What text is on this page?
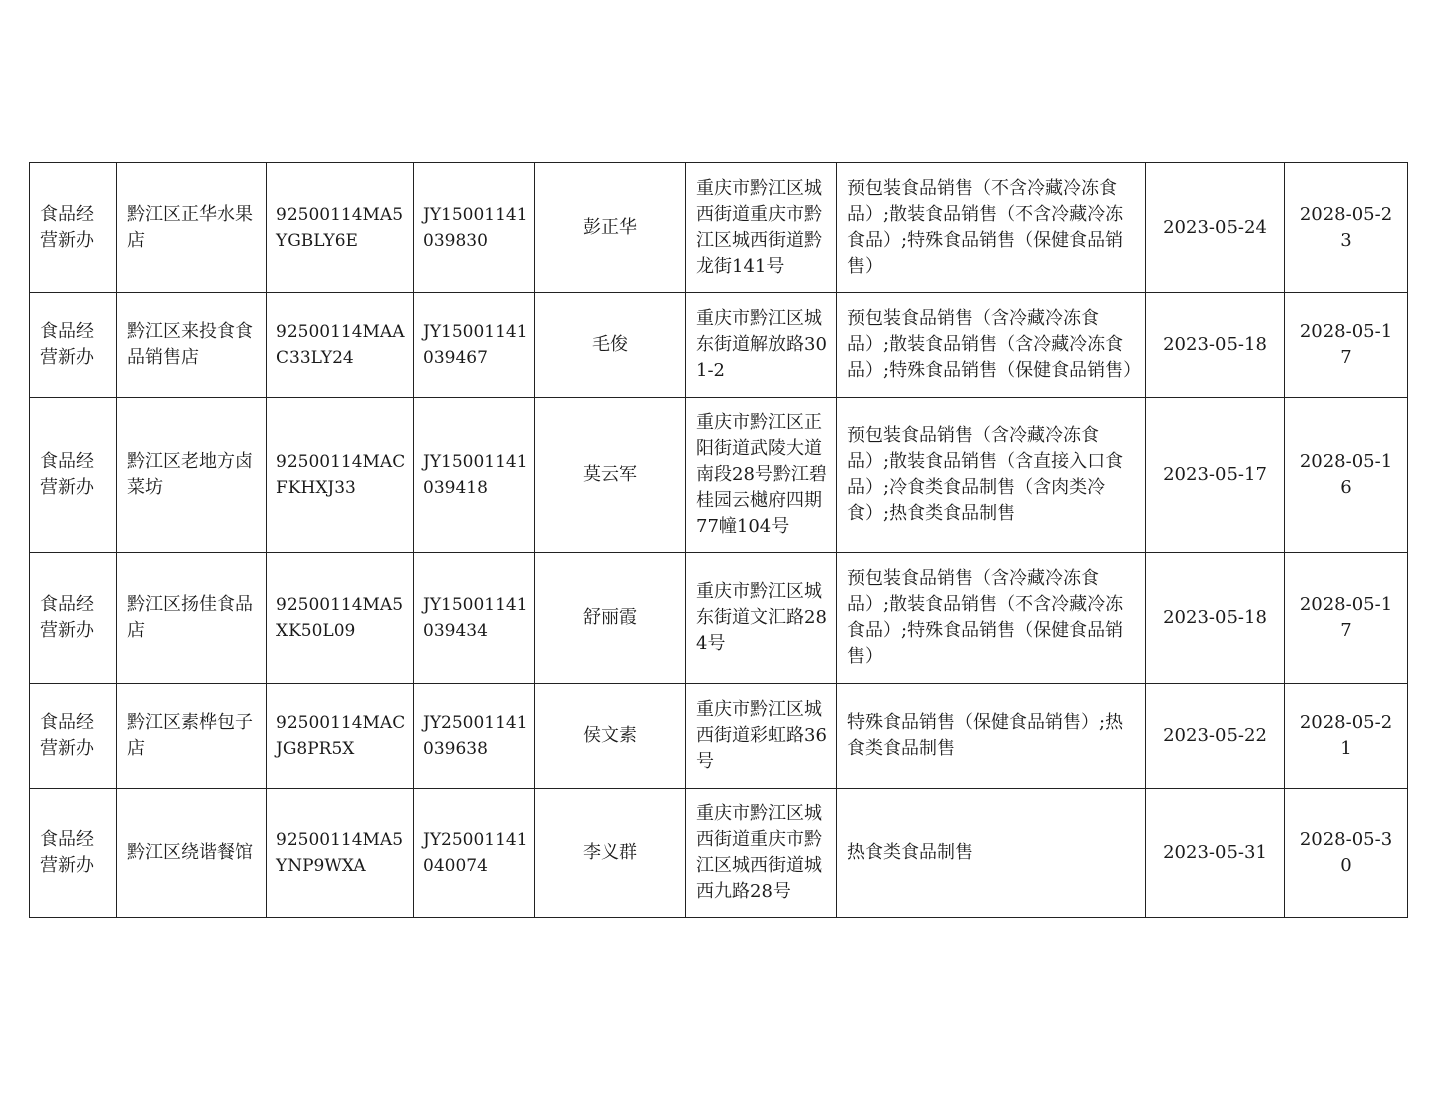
食品经营新办	黔江区正华水果店	92500114MA5YGBLY6E	JY15001141039830	彭正华	重庆市黔江区城西街道重庆市黔江区城西街道黔龙街141号	预包装食品销售（不含冷藏冷冻食品）;散装食品销售（不含冷藏冷冻食品）;特殊食品销售（保健食品销售）	2023-05-24	2028-05-23
食品经营新办	黔江区来投食食品销售店	92500114MAAC33LY24	JY15001141039467	毛俊	重庆市黔江区城东街道解放路301-2	预包装食品销售（含冷藏冷冻食品）;散装食品销售（含冷藏冷冻食品）;特殊食品销售（保健食品销售）	2023-05-18	2028-05-17
食品经营新办	黔江区老地方卤菜坊	92500114MACFKHXJ33	JY15001141039418	莫云军	重庆市黔江区正阳街道武陵大道南段28号黔江碧桂园云樾府四期77幢104号	预包装食品销售（含冷藏冷冻食品）;散装食品销售（含直接入口食品）;冷食类食品制售（含肉类冷食）;热食类食品制售	2023-05-17	2028-05-16
食品经营新办	黔江区扬佳食品店	92500114MA5XK50L09	JY15001141039434	舒丽霞	重庆市黔江区城东街道文汇路284号	预包装食品销售（含冷藏冷冻食品）;散装食品销售（不含冷藏冷冻食品）;特殊食品销售（保健食品销售）	2023-05-18	2028-05-17
食品经营新办	黔江区素桦包子店	92500114MACJG8PR5X	JY25001141039638	侯文素	重庆市黔江区城西街道彩虹路36号	特殊食品销售（保健食品销售）;热食类食品制售	2023-05-22	2028-05-21
食品经营新办	黔江区绕谐餐馆	92500114MA5YNP9WXA	JY25001141040074	李义群	重庆市黔江区城西街道重庆市黔江区城西街道城西九路28号	热食类食品制售	2023-05-31	2028-05-30
